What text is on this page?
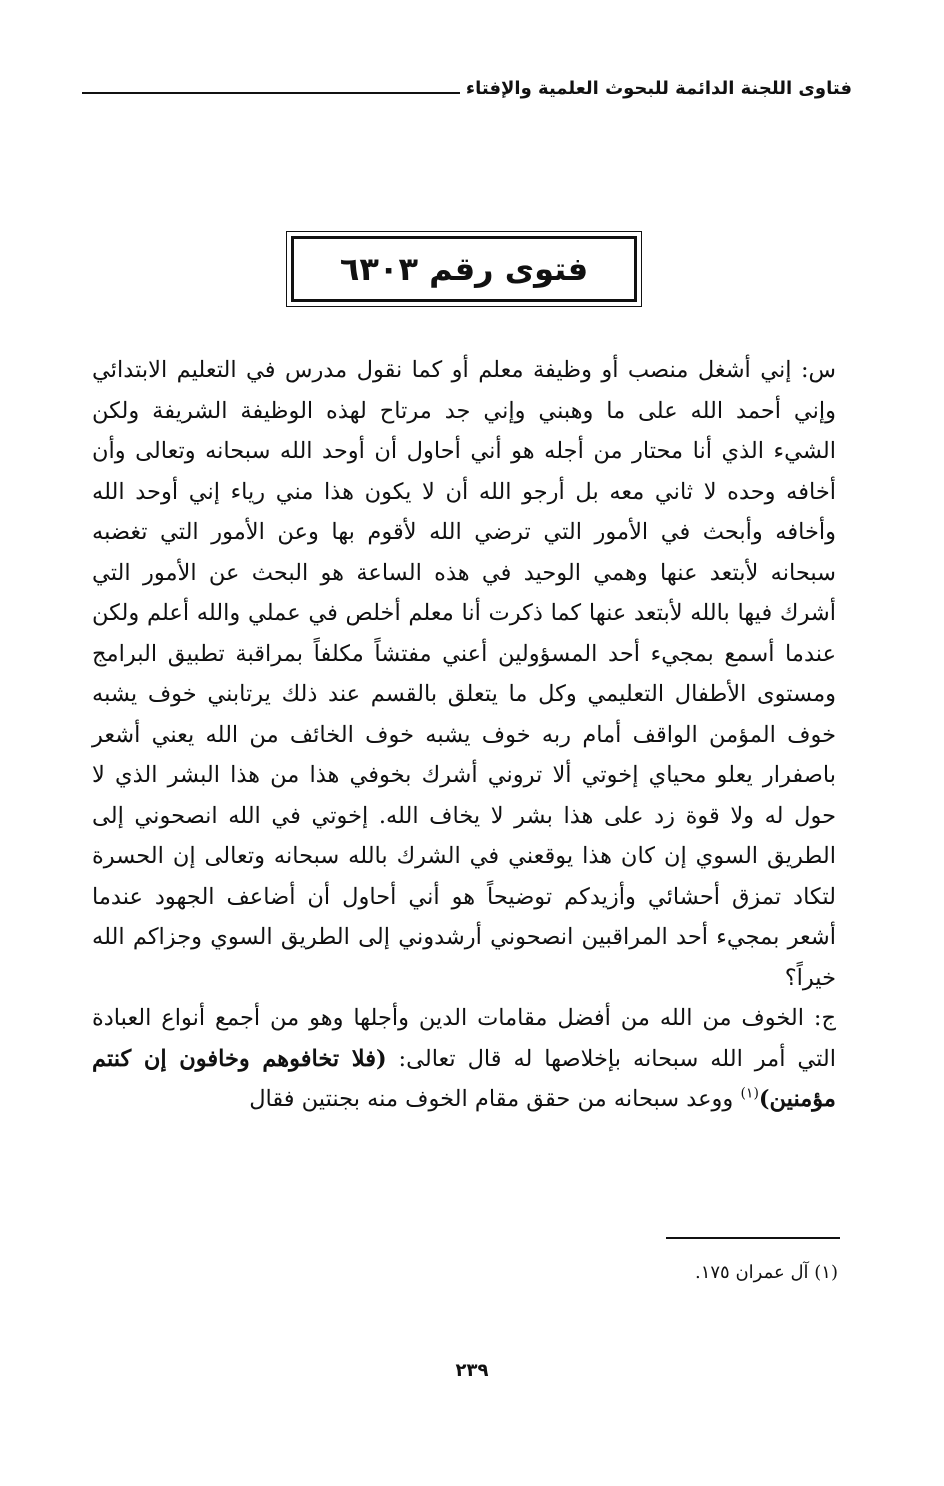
فتاوى اللجنة الدائمة للبحوث العلمية والإفتاء
فتوى رقم ٦٣٠٣

س: إني أشغل منصب أو وظيفة معلم أو كما نقول مدرس في التعليم الابتدائي وإني أحمد الله على ما وهبني وإني جد مرتاح لهذه الوظيفة الشريفة ولكن الشيء الذي أنا محتار من أجله هو أني أحاول أن أوحد الله سبحانه وتعالى وأن أخافه وحده لا ثاني معه بل أرجو الله أن لا يكون هذا مني رياء إني أوحد الله وأخافه وأبحث في الأمور التي ترضي الله لأقوم بها وعن الأمور التي تغضبه سبحانه لأبتعد عنها وهمي الوحيد في هذه الساعة هو البحث عن الأمور التي أشرك فيها بالله لأبتعد عنها كما ذكرت أنا معلم أخلص في عملي والله أعلم ولكن عندما أسمع بمجيء أحد المسؤولين أعني مفتشاً مكلفاً بمراقبة تطبيق البرامج ومستوى الأطفال التعليمي وكل ما يتعلق بالقسم عند ذلك يرتابني خوف يشبه خوف المؤمن الواقف أمام ربه خوف يشبه خوف الخائف من الله يعني أشعر باصفرار يعلو محياي إخوتي ألا تروني أشرك بخوفي هذا من هذا البشر الذي لا حول له ولا قوة زد على هذا بشر لا يخاف الله. إخوتي في الله انصحوني إلى الطريق السوي إن كان هذا يوقعني في الشرك بالله سبحانه وتعالى إن الحسرة لتكاد تمزق أحشائي وأزيدكم توضيحاً هو أني أحاول أن أضاعف الجهود عندما أشعر بمجيء أحد المراقبين انصحوني أرشدوني إلى الطريق السوي وجزاكم الله خيراً؟

ج: الخوف من الله من أفضل مقامات الدين وأجلها وهو من أجمع أنواع العبادة التي أمر الله سبحانه بإخلاصها له قال تعالى: (فلا تخافوهم وخافون إن كنتم مؤمنين)$^{(١)}$ ووعد سبحانه من حقق مقام الخوف منه بجنتين فقال

(١) آل عمران ١٧٥.
٢٣٩
